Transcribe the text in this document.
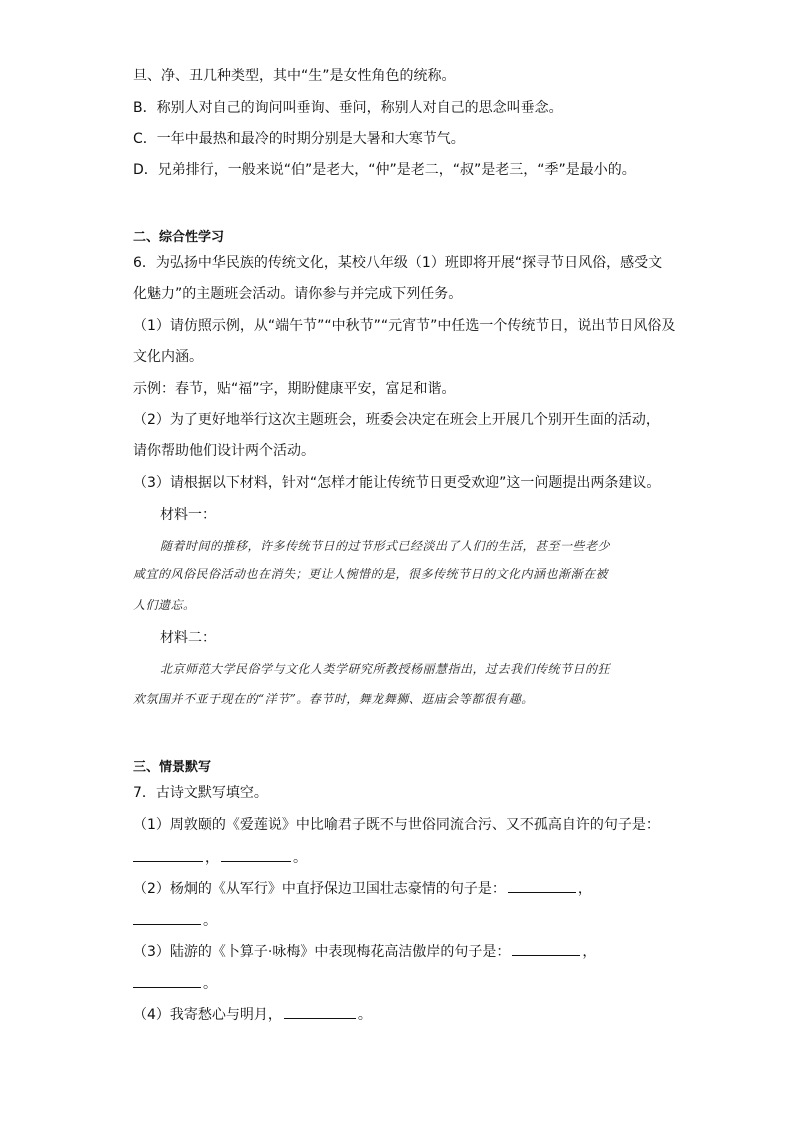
旦、净、丑几种类型，其中“生”是女性角色的统称。
B．称别人对自己的询问叫垂询、垂问，称别人对自己的思念叫垂念。
C．一年中最热和最冷的时期分别是大暑和大寒节气。
D．兄弟排行，一般来说“伯”是老大，“仲”是老二，“叔”是老三，“季”是最小的。
二、综合性学习
6．为弘扬中华民族的传统文化，某校八年级（1）班即将开展“探寻节日风俗，感受文
化魅力”的主题班会活动。请你参与并完成下列任务。
（1）请仿照示例，从“端午节”“中秋节”“元宵节”中任选一个传统节日，说出节日风俗及
文化内涵。
示例：春节，贴“福”字，期盼健康平安，富足和谐。
（2）为了更好地举行这次主题班会，班委会决定在班会上开展几个别开生面的活动，
请你帮助他们设计两个活动。
（3）请根据以下材料，针对“怎样才能让传统节日更受欢迎”这一问题提出两条建议。
材料一：
随着时间的推移，许多传统节日的过节形式已经淡出了人们的生活，甚至一些老少
咸宜的风俗民俗活动也在消失；更让人惋惜的是，很多传统节日的文化内涵也渐渐在被
人们遗忘。
材料二：
北京师范大学民俗学与文化人类学研究所教授杨丽慧指出，过去我们传统节日的狂
欢氛围并不亚于现在的“洋节”。春节时，舞龙舞狮、逛庙会等都很有趣。
三、情景默写
7．古诗文默写填空。
（1）周敦颐的《爱莲说》中比喻君子既不与世俗同流合污、又不孤高自许的句子是：
，	。
（2）杨炯的《从军行》中直抒保边卫国壮志豪情的句子是：	，
。
（3）陆游的《卜算子·咏梅》中表现梅花高洁傲岸的句子是：	，
。
（4）我寄愁心与明月，	。
